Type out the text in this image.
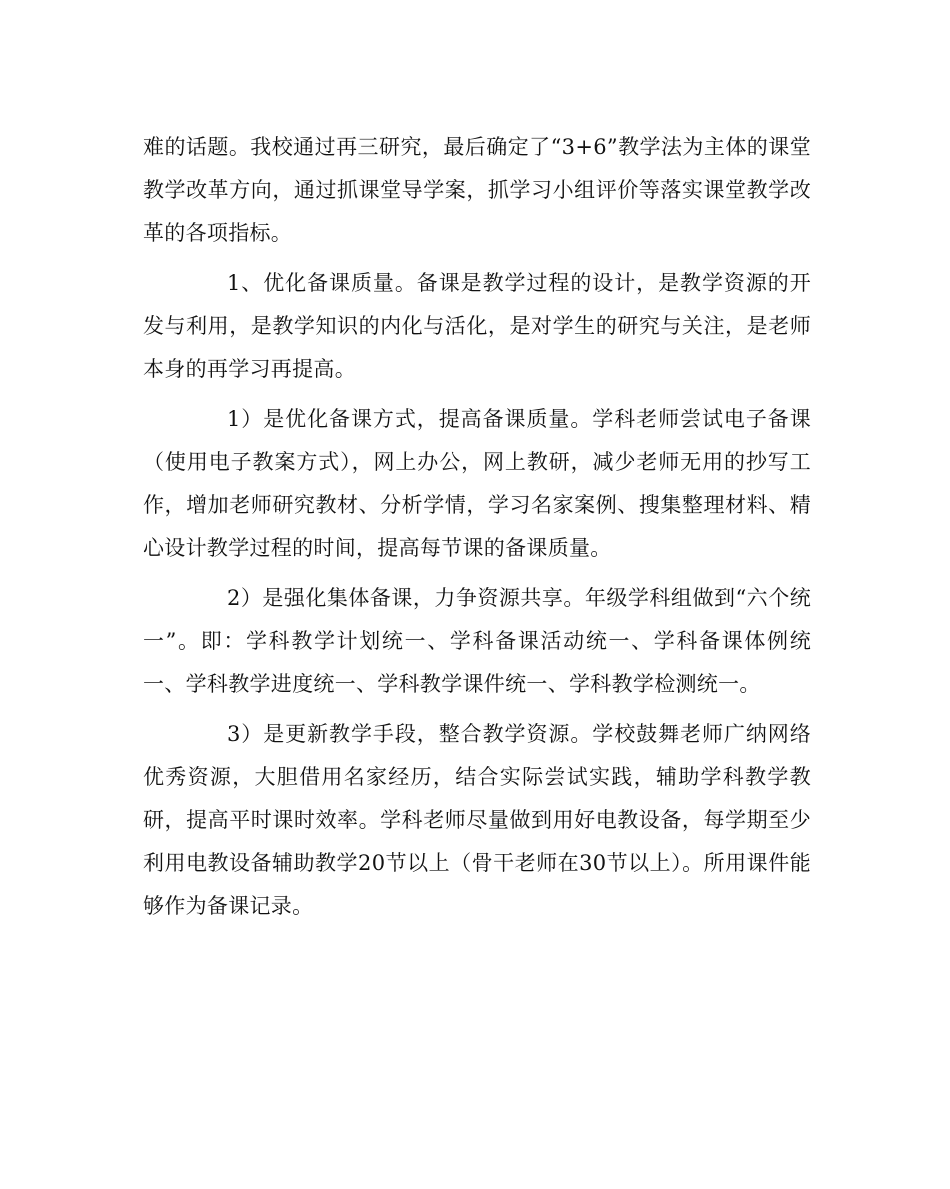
难的话题。我校通过再三研究，最后确定了“3+6”教学法为主体的课堂教学改革方向，通过抓课堂导学案，抓学习小组评价等落实课堂教学改革的各项指标。

1、优化备课质量。备课是教学过程的设计，是教学资源的开发与利用，是教学知识的内化与活化，是对学生的研究与关注，是老师本身的再学习再提高。

1）是优化备课方式，提高备课质量。学科老师尝试电子备课（使用电子教案方式），网上办公，网上教研，减少老师无用的抄写工作，增加老师研究教材、分析学情，学习名家案例、搜集整理材料、精心设计教学过程的时间，提高每节课的备课质量。

2）是强化集体备课，力争资源共享。年级学科组做到“六个统一”。即：学科教学计划统一、学科备课活动统一、学科备课体例统一、学科教学进度统一、学科教学课件统一、学科教学检测统一。

3）是更新教学手段，整合教学资源。学校鼓舞老师广纳网络优秀资源，大胆借用名家经历，结合实际尝试实践，辅助学科教学教研，提高平时课时效率。学科老师尽量做到用好电教设备，每学期至少利用电教设备辅助教学20节以上（骨干老师在30节以上）。所用课件能够作为备课记录。
